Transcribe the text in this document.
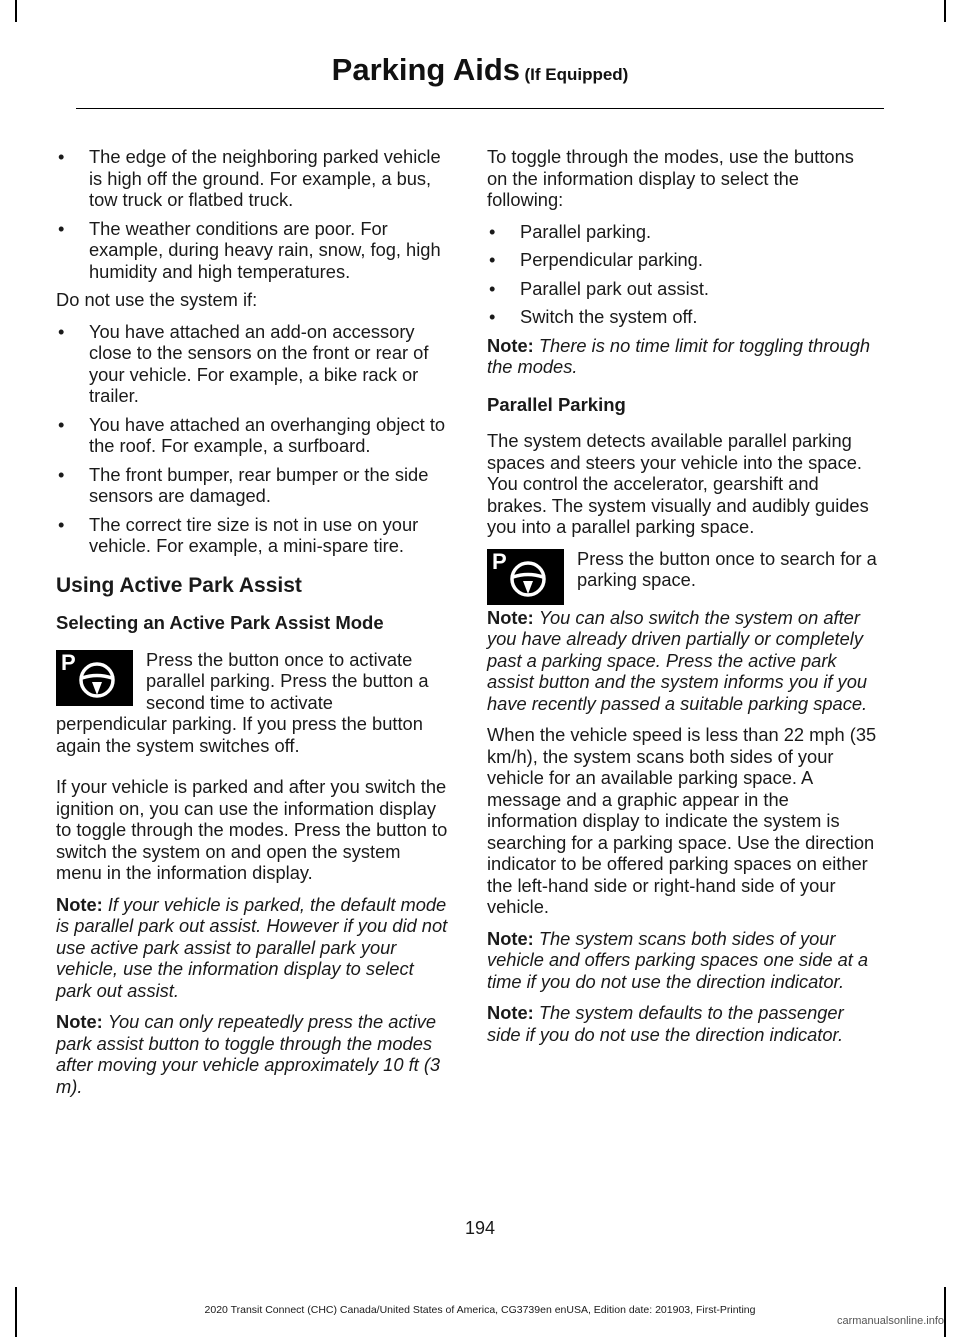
Parking Aids (If Equipped)
• The edge of the neighboring parked vehicle is high off the ground. For example, a bus, tow truck or flatbed truck.
• The weather conditions are poor. For example, during heavy rain, snow, fog, high humidity and high temperatures.

Do not use the system if:

• You have attached an add-on accessory close to the sensors on the front or rear of your vehicle. For example, a bike rack or trailer.
• You have attached an overhanging object to the roof. For example, a surfboard.
• The front bumper, rear bumper or the side sensors are damaged.
• The correct tire size is not in use on your vehicle. For example, a mini-spare tire.
Using Active Park Assist
Selecting an Active Park Assist Mode

P	Press the button once to activate parallel parking. Press the button a second time to activate perpendicular parking. If you press the button again the system switches off.

If your vehicle is parked and after you switch the ignition on, you can use the information display to toggle through the modes. Press the button to switch the system on and open the system menu in the information display.

Note: If your vehicle is parked, the default mode is parallel park out assist. However if you did not use active park assist to parallel park your vehicle, use the information display to select park out assist.

Note: You can only repeatedly press the active park assist button to toggle through the modes after moving your vehicle approximately 10 ft (3 m).

To toggle through the modes, use the buttons on the information display to select the following:

• Parallel parking.
• Perpendicular parking.
• Parallel park out assist.
• Switch the system off.

Note: There is no time limit for toggling through the modes.

Parallel Parking

The system detects available parallel parking spaces and steers your vehicle into the space. You control the accelerator, gearshift and brakes. The system visually and audibly guides you into a parallel parking space.

P	Press the button once to search for a parking space.

Note: You can also switch the system on after you have already driven partially or completely past a parking space. Press the active park assist button and the system informs you if you have recently passed a suitable parking space.

When the vehicle speed is less than 22 mph (35 km/h), the system scans both sides of your vehicle for an available parking space. A message and a graphic appear in the information display to indicate the system is searching for a parking space. Use the direction indicator to be offered parking spaces on either the left-hand side or right-hand side of your vehicle.

Note: The system scans both sides of your vehicle and offers parking spaces one side at a time if you do not use the direction indicator.

Note: The system defaults to the passenger side if you do not use the direction indicator.

194
2020 Transit Connect (CHC) Canada/United States of America, CG3739en enUSA, Edition date: 201903, First-Printing
carmanualsonline.info
